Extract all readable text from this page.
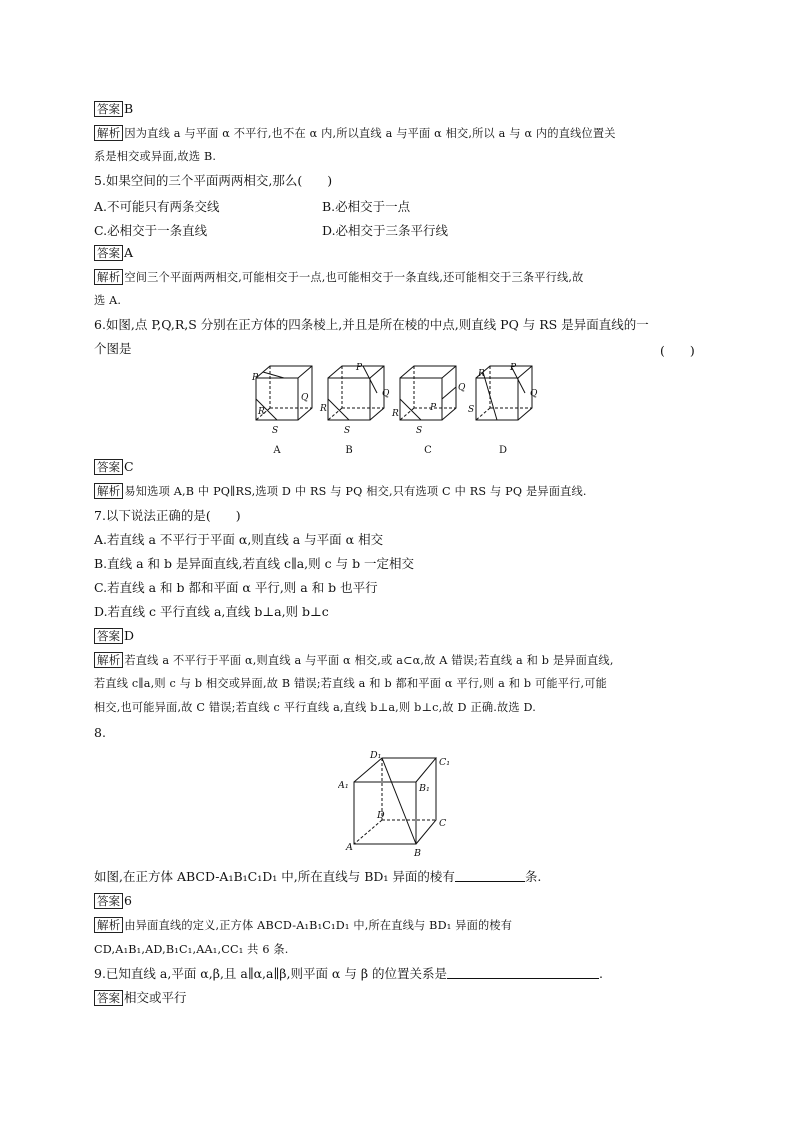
答案 B
解析 因为直线 a 与平面 α 不平行,也不在 α 内,所以直线 a 与平面 α 相交,所以 a 与 α 内的直线位置关
系是相交或异面,故选 B.
5.如果空间的三个平面两两相交,那么(　　)
A.不可能只有两条交线	B.必相交于一点
C.必相交于一条直线	D.必相交于三条平行线
答案 A
解析 空间三个平面两两相交,可能相交于一点,也可能相交于一条直线,还可能相交于三条平行线,故
选 A.
6.如图,点 P,Q,R,S 分别在正方体的四条棱上,并且是所在棱的中点,则直线 PQ 与 RS 是异面直线的一
个图是	(　　)
P
Q
R
S
P
Q
R
S
P
Q
R
S
P
Q
R
S
A	B	C	D
答案 C
解析 易知选项 A,B 中 PQ∥RS,选项 D 中 RS 与 PQ 相交,只有选项 C 中 RS 与 PQ 是异面直线.
7.以下说法正确的是(　　)
A.若直线 a 不平行于平面 α,则直线 a 与平面 α 相交
B.直线 a 和 b 是异面直线,若直线 c∥a,则 c 与 b 一定相交
C.若直线 a 和 b 都和平面 α 平行,则 a 和 b 也平行
D.若直线 c 平行直线 a,直线 b⊥a,则 b⊥c
答案 D
解析 若直线 a 不平行于平面 α,则直线 a 与平面 α 相交,或 a⊂α,故 A 错误;若直线 a 和 b 是异面直线,
若直线 c∥a,则 c 与 b 相交或异面,故 B 错误;若直线 a 和 b 都和平面 α 平行,则 a 和 b 可能平行,可能
相交,也可能异面,故 C 错误;若直线 c 平行直线 a,直线 b⊥a,则 b⊥c,故 D 正确.故选 D.
8.
D₁
C₁
A₁	B₁
D
C
A
B
如图,在正方体 ABCD-A₁B₁C₁D₁ 中,所在直线与 BD₁ 异面的棱有	条.
答案 6
解析 由异面直线的定义,正方体 ABCD-A₁B₁C₁D₁ 中,所在直线与 BD₁ 异面的棱有
CD,A₁B₁,AD,B₁C₁,AA₁,CC₁ 共 6 条.
9.已知直线 a,平面 α,β,且 a∥α,a∥β,则平面 α 与 β 的位置关系是	.
答案 相交或平行
